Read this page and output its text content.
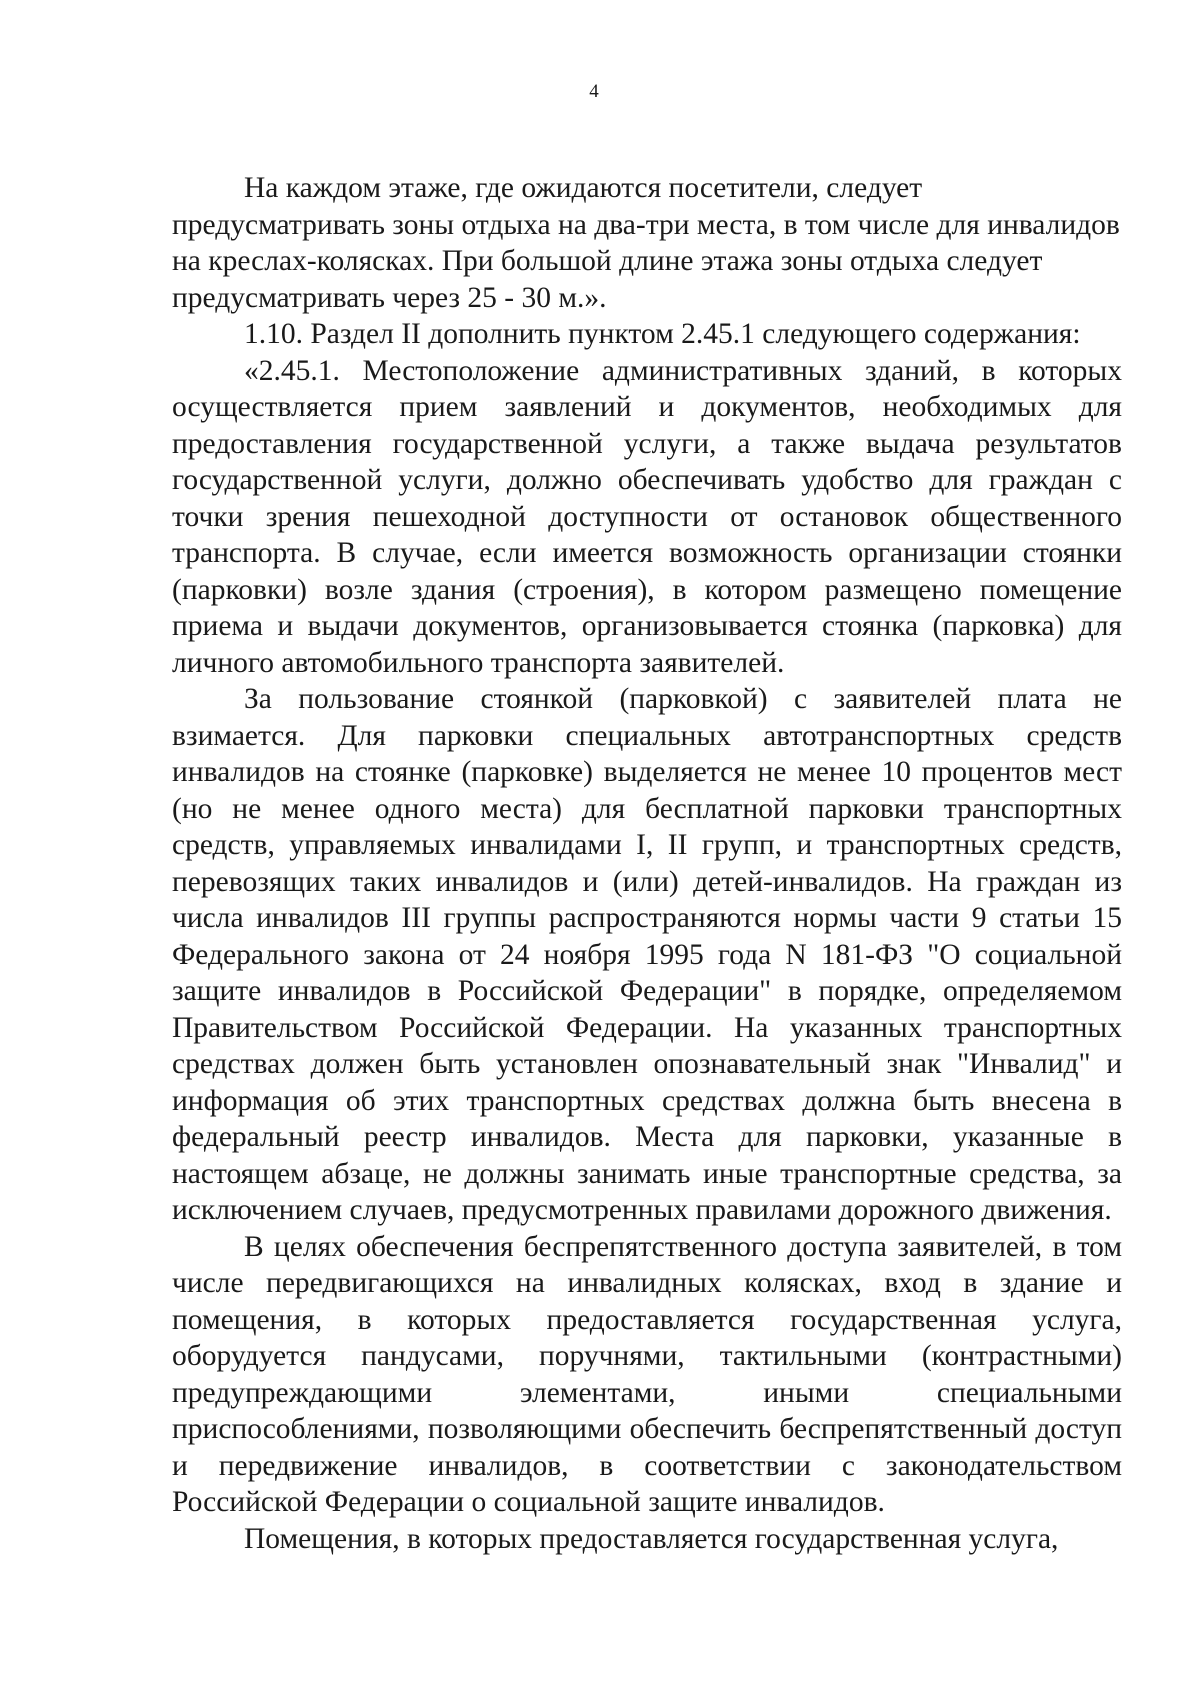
4

На каждом этаже, где ожидаются посетители, следует предусматривать зоны отдыха на два-три места, в том числе для инвалидов на креслах-колясках. При большой длине этажа зоны отдыха следует предусматривать через 25 - 30 м.».

1.10. Раздел II дополнить пунктом 2.45.1 следующего содержания:

«2.45.1. Местоположение административных зданий, в которых осуществляется прием заявлений и документов, необходимых для предоставления государственной услуги, а также выдача результатов государственной услуги, должно обеспечивать удобство для граждан с точки зрения пешеходной доступности от остановок общественного транспорта. В случае, если имеется возможность организации стоянки (парковки) возле здания (строения), в котором размещено помещение приема и выдачи документов, организовывается стоянка (парковка) для личного автомобильного транспорта заявителей.

За пользование стоянкой (парковкой) с заявителей плата не взимается. Для парковки специальных автотранспортных средств инвалидов на стоянке (парковке) выделяется не менее 10 процентов мест (но не менее одного места) для бесплатной парковки транспортных средств, управляемых инвалидами I, II групп, и транспортных средств, перевозящих таких инвалидов и (или) детей-инвалидов. На граждан из числа инвалидов III группы распространяются нормы части 9 статьи 15 Федерального закона от 24 ноября 1995 года N 181-ФЗ "О социальной защите инвалидов в Российской Федерации" в порядке, определяемом Правительством Российской Федерации. На указанных транспортных средствах должен быть установлен опознавательный знак "Инвалид" и информация об этих транспортных средствах должна быть внесена в федеральный реестр инвалидов. Места для парковки, указанные в настоящем абзаце, не должны занимать иные транспортные средства, за исключением случаев, предусмотренных правилами дорожного движения.

В целях обеспечения беспрепятственного доступа заявителей, в том числе передвигающихся на инвалидных колясках, вход в здание и помещения, в которых предоставляется государственная услуга, оборудуется пандусами, поручнями, тактильными (контрастными) предупреждающими элементами, иными специальными приспособлениями, позволяющими обеспечить беспрепятственный доступ и передвижение инвалидов, в соответствии с законодательством Российской Федерации о социальной защите инвалидов.

Помещения, в которых предоставляется государственная услуга,
